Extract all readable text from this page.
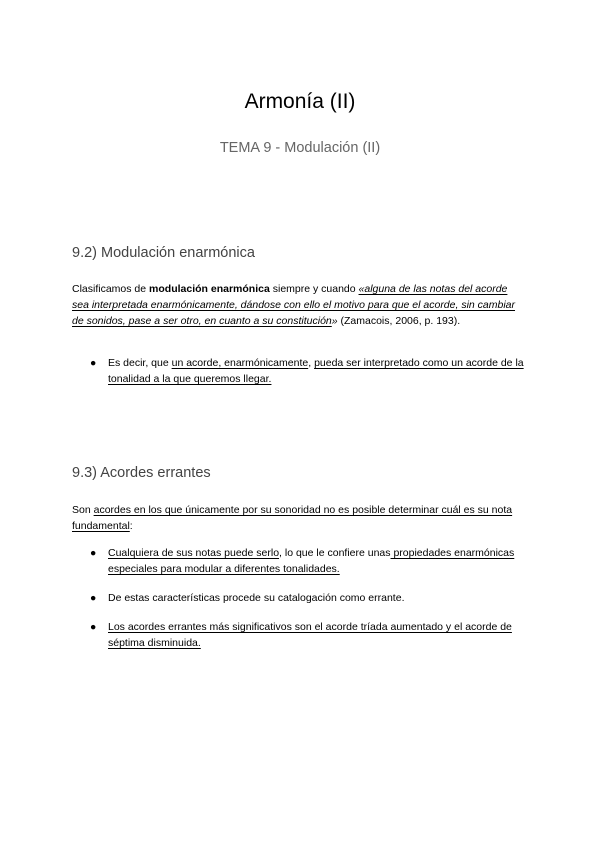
Armonía (II)
TEMA 9 - Modulación (II)
9.2) Modulación enarmónica
Clasificamos de modulación enarmónica siempre y cuando «alguna de las notas del acorde sea interpretada enarmónicamente, dándose con ello el motivo para que el acorde, sin cambiar de sonidos, pase a ser otro, en cuanto a su constitución» (Zamacois, 2006, p. 193).
●	Es decir, que un acorde, enarmónicamente, pueda ser interpretado como un acorde de la tonalidad a la que queremos llegar.
9.3) Acordes errantes
Son acordes en los que únicamente por su sonoridad no es posible determinar cuál es su nota fundamental:
●	Cualquiera de sus notas puede serlo, lo que le confiere unas propiedades enarmónicas especiales para modular a diferentes tonalidades.
●	De estas características procede su catalogación como errante.
●	Los acordes errantes más significativos son el acorde tríada aumentado y el acorde de séptima disminuida.
